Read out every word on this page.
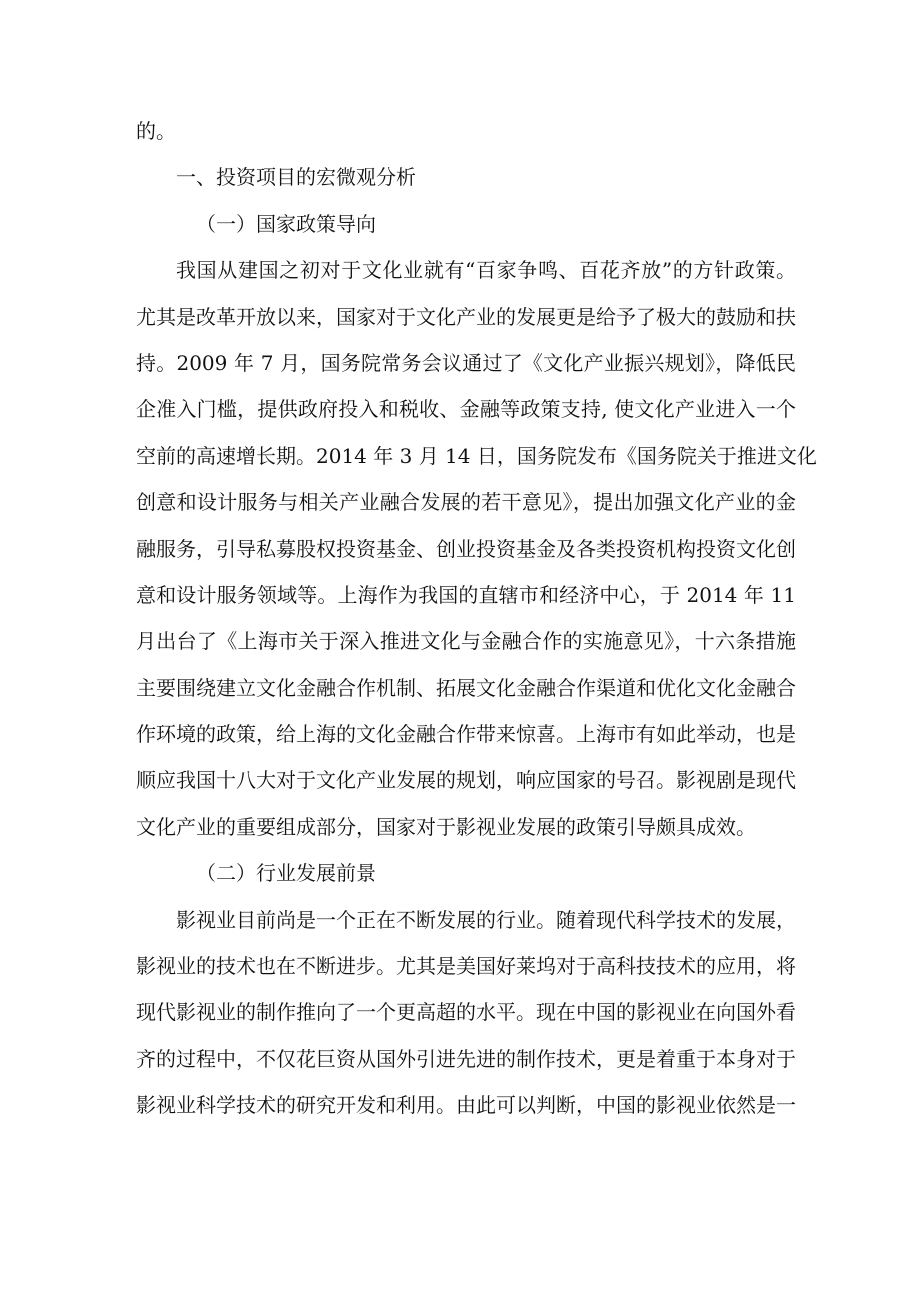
的。
一、投资项目的宏微观分析
（一）国家政策导向
我国从建国之初对于文化业就有“百家争鸣、百花齐放”的方针政策。
尤其是改革开放以来，国家对于文化产业的发展更是给予了极大的鼓励和扶
持。2009 年 7 月，国务院常务会议通过了《文化产业振兴规划》，降低民
企准入门槛，提供政府投入和税收、金融等政策支持, 使文化产业进入一个
空前的高速增长期。2014 年 3 月 14 日，国务院发布《国务院关于推进文化
创意和设计服务与相关产业融合发展的若干意见》，提出加强文化产业的金
融服务，引导私募股权投资基金、创业投资基金及各类投资机构投资文化创
意和设计服务领域等。上海作为我国的直辖市和经济中心，于 2014 年 11
月出台了《上海市关于深入推进文化与金融合作的实施意见》，十六条措施
主要围绕建立文化金融合作机制、拓展文化金融合作渠道和优化文化金融合
作环境的政策，给上海的文化金融合作带来惊喜。上海市有如此举动，也是
顺应我国十八大对于文化产业发展的规划，响应国家的号召。影视剧是现代
文化产业的重要组成部分，国家对于影视业发展的政策引导颇具成效。
（二）行业发展前景
影视业目前尚是一个正在不断发展的行业。随着现代科学技术的发展，
影视业的技术也在不断进步。尤其是美国好莱坞对于高科技技术的应用，将
现代影视业的制作推向了一个更高超的水平。现在中国的影视业在向国外看
齐的过程中，不仅花巨资从国外引进先进的制作技术，更是着重于本身对于
影视业科学技术的研究开发和利用。由此可以判断，中国的影视业依然是一
